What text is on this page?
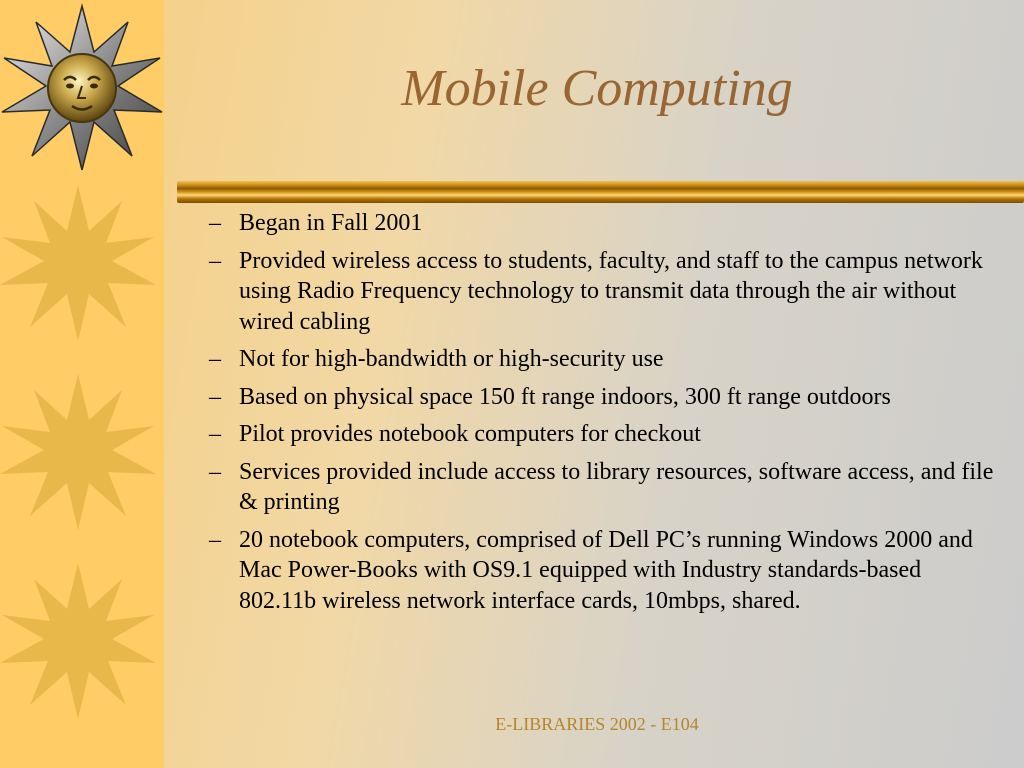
Mobile Computing
– Began in Fall 2001
– Provided wireless access to students, faculty, and staff to the campus network using Radio Frequency technology to transmit data through the air without wired cabling
– Not for high-bandwidth or high-security use
– Based on physical space 150 ft range indoors, 300 ft range outdoors
– Pilot provides notebook computers for checkout
– Services provided include access to library resources, software access, and file & printing
– 20 notebook computers, comprised of Dell PC’s running Windows 2000 and Mac Power-Books with OS9.1 equipped with Industry standards-based 802.11b wireless network interface cards, 10mbps, shared.
E-LIBRARIES 2002 - E104
